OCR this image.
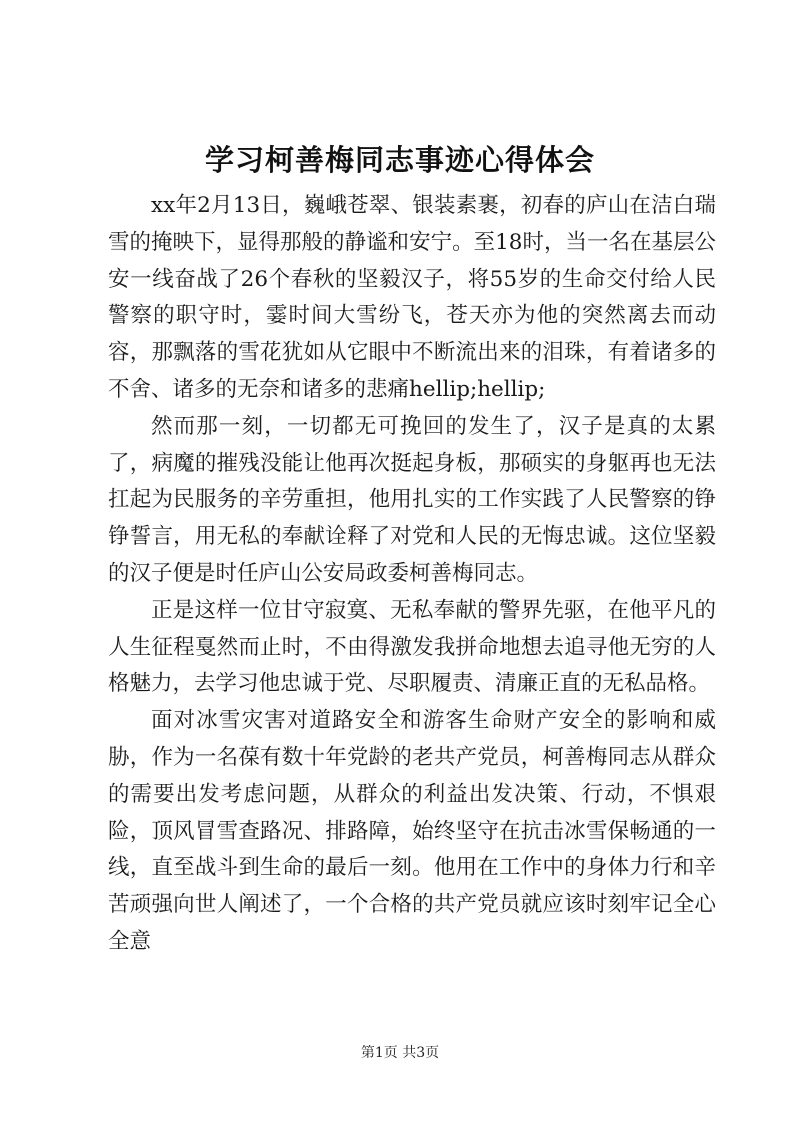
学习柯善梅同志事迹心得体会

xx年2月13日，巍峨苍翠、银装素裹，初春的庐山在洁白瑞雪的掩映下，显得那般的静谧和安宁。至18时，当一名在基层公安一线奋战了26个春秋的坚毅汉子，将55岁的生命交付给人民警察的职守时，霎时间大雪纷飞，苍天亦为他的突然离去而动容，那飘落的雪花犹如从它眼中不断流出来的泪珠，有着诸多的不舍、诸多的无奈和诸多的悲痛hellip;hellip;

然而那一刻，一切都无可挽回的发生了，汉子是真的太累了，病魔的摧残没能让他再次挺起身板，那硕实的身躯再也无法扛起为民服务的辛劳重担，他用扎实的工作实践了人民警察的铮铮誓言，用无私的奉献诠释了对党和人民的无悔忠诚。这位坚毅的汉子便是时任庐山公安局政委柯善梅同志。

正是这样一位甘守寂寞、无私奉献的警界先驱，在他平凡的人生征程戛然而止时，不由得激发我拼命地想去追寻他无穷的人格魅力，去学习他忠诚于党、尽职履责、清廉正直的无私品格。

面对冰雪灾害对道路安全和游客生命财产安全的影响和威胁，作为一名葆有数十年党龄的老共产党员，柯善梅同志从群众的需要出发考虑问题，从群众的利益出发决策、行动，不惧艰险，顶风冒雪查路况、排路障，始终坚守在抗击冰雪保畅通的一线，直至战斗到生命的最后一刻。他用在工作中的身体力行和辛苦顽强向世人阐述了，一个合格的共产党员就应该时刻牢记全心全意

第1页 共3页
